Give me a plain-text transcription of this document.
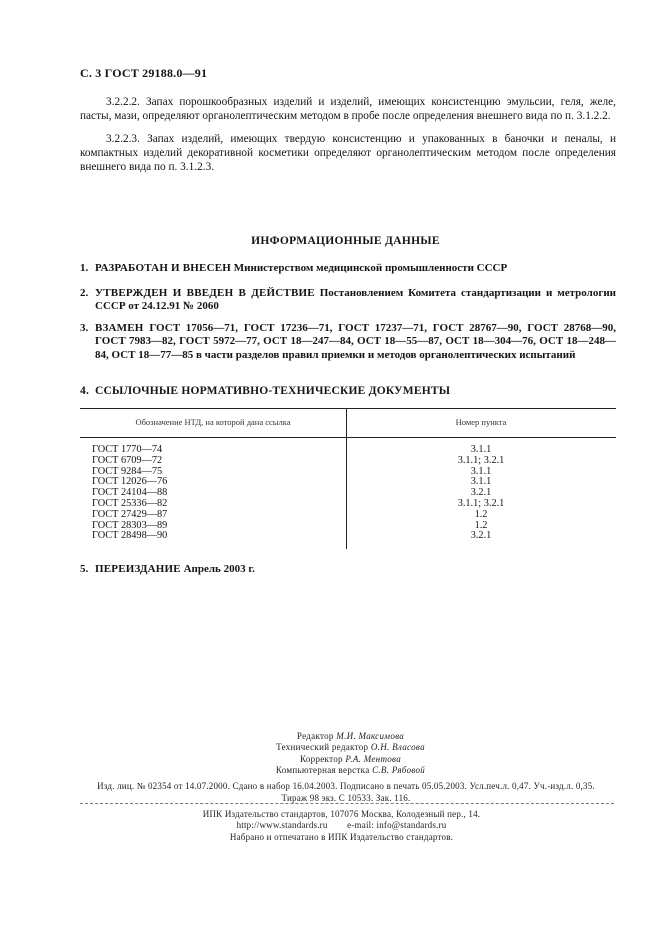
С. 3 ГОСТ 29188.0—91
3.2.2.2. Запах порошкообразных изделий и изделий, имеющих консистенцию эмульсии, геля, желе, пасты, мази, определяют органолептическим методом в пробе после определения внешнего вида по п. 3.1.2.2.
3.2.2.3. Запах изделий, имеющих твердую консистенцию и упакованных в баночки и пеналы, и компактных изделий декоративной косметики определяют органолептическим методом после определения внешнего вида по п. 3.1.2.3.
ИНФОРМАЦИОННЫЕ ДАННЫЕ
1. РАЗРАБОТАН И ВНЕСЕН Министерством медицинской промышленности СССР
2. УТВЕРЖДЕН И ВВЕДЕН В ДЕЙСТВИЕ Постановлением Комитета стандартизации и метрологии СССР от 24.12.91 № 2060
3. ВЗАМЕН ГОСТ 17056—71, ГОСТ 17236—71, ГОСТ 17237—71, ГОСТ 28767—90, ГОСТ 28768—90, ГОСТ 7983—82, ГОСТ 5972—77, ОСТ 18—247—84, ОСТ 18—55—87, ОСТ 18—304—76, ОСТ 18—248—84, ОСТ 18—77—85 в части разделов правил приемки и методов органолептических испытаний
4. ССЫЛОЧНЫЕ НОРМАТИВНО-ТЕХНИЧЕСКИЕ ДОКУМЕНТЫ
Обозначение НТД, на которой дана ссылка	Номер пункта
ГОСТ 1770—74	3.1.1
ГОСТ 6709—72	3.1.1; 3.2.1
ГОСТ 9284—75	3.1.1
ГОСТ 12026—76	3.1.1
ГОСТ 24104—88	3.2.1
ГОСТ 25336—82	3.1.1; 3.2.1
ГОСТ 27429—87	1.2
ГОСТ 28303—89	1.2
ГОСТ 28498—90	3.2.1
5. ПЕРЕИЗДАНИЕ Апрель 2003 г.
Редактор М.И. Максимова
Технический редактор О.Н. Власова
Корректор Р.А. Ментова
Компьютерная верстка С.В. Рябовой
Изд. лиц. № 02354 от 14.07.2000. Сдано в набор 16.04.2003. Подписано в печать 05.05.2003. Усл.печ.л. 0,47. Уч.-изд.л. 0,35.
Тираж 98 экз. С 10533. Зак. 116.
ИПК Издательство стандартов, 107076 Москва, Колодезный пер., 14.
http://www.standards.ru        e-mail: info@standards.ru
Набрано и отпечатано в ИПК Издательство стандартов.
